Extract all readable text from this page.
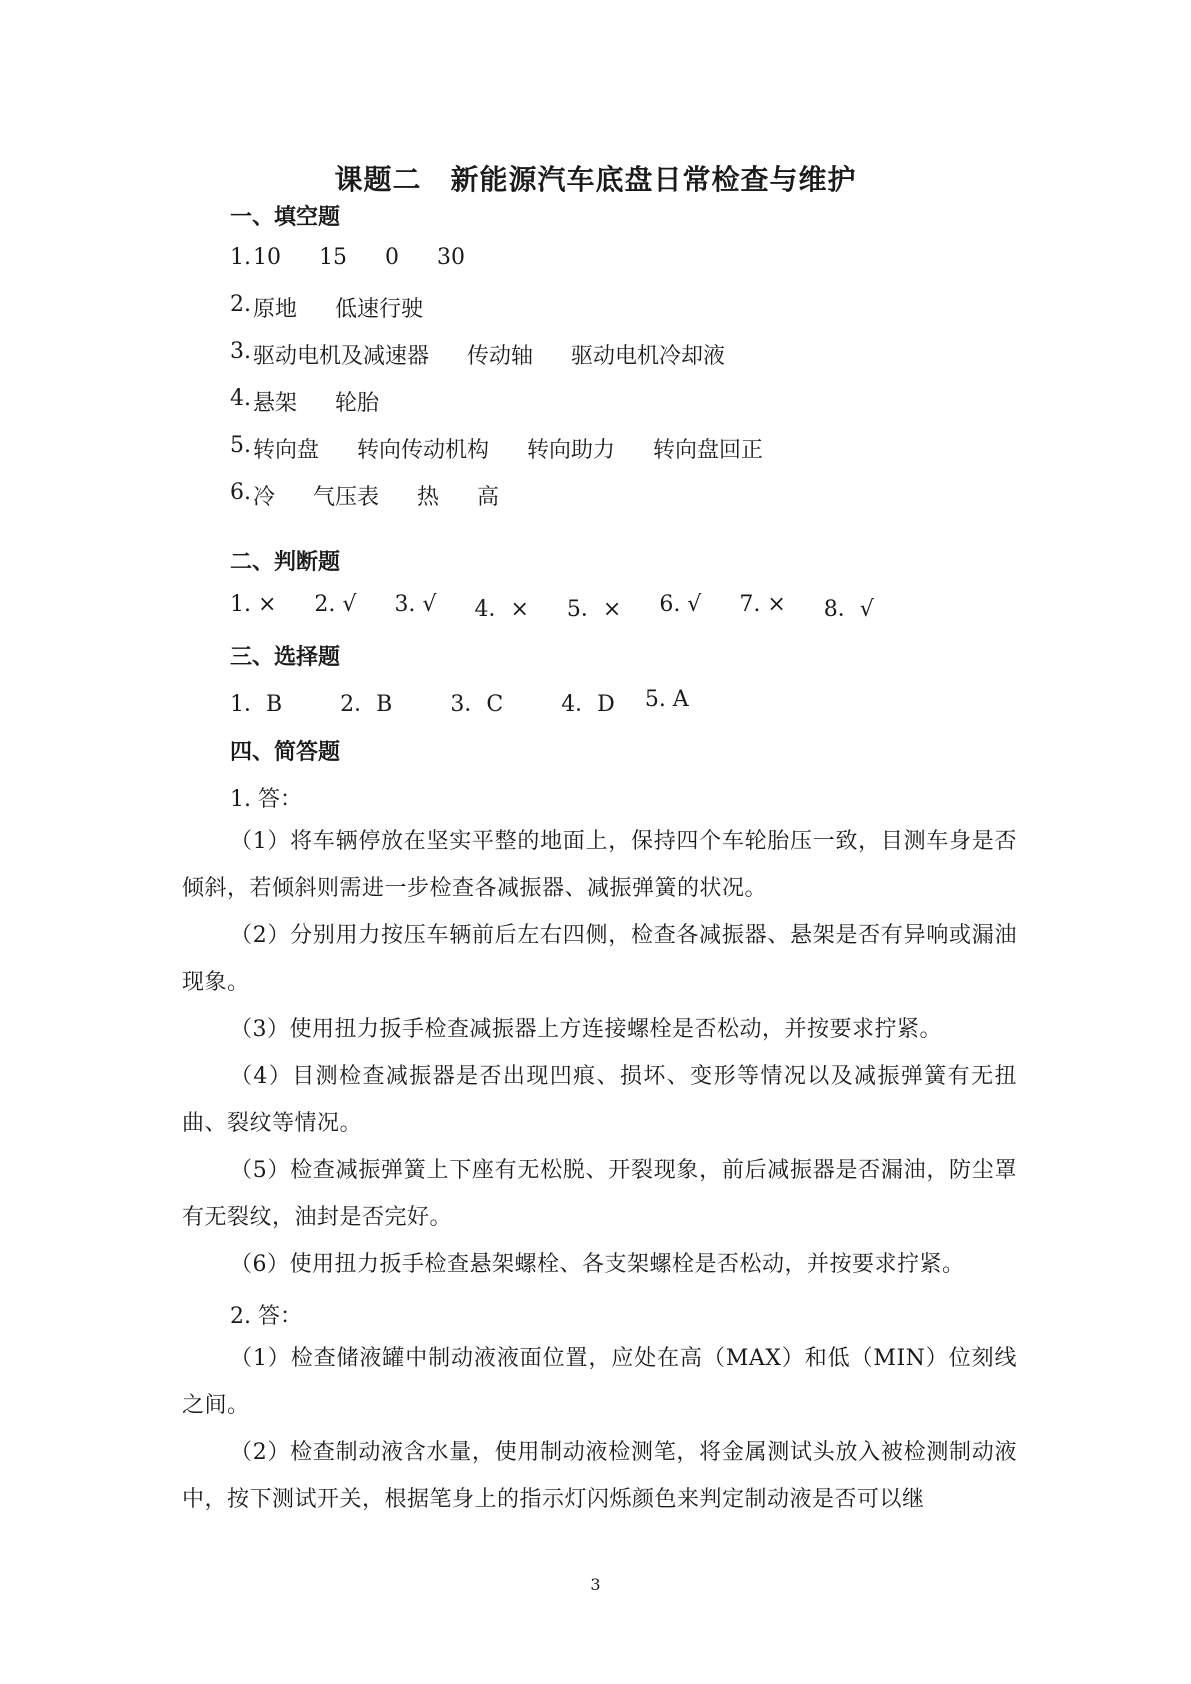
课题二　新能源汽车底盘日常检查与维护
一、填空题
1. 10 15 0 30
2. 原地 低速行驶
3. 驱动电机及减速器 传动轴 驱动电机冷却液
4. 悬架 轮胎
5. 转向盘 转向传动机构 转向助力 转向盘回正
6. 冷 气压表 热 高
二、判断题
1. × 2. √ 3. √ 4．× 5．× 6. √ 7. × 8．√
三、选择题
1．B	2．B	3．C	4．D 5. A
四、简答题
1. 答：
（1）将车辆停放在坚实平整的地面上，保持四个车轮胎压一致，目测车身是否倾斜，若倾斜则需进一步检查各减振器、减振弹簧的状况。
（2）分别用力按压车辆前后左右四侧，检查各减振器、悬架是否有异响或漏油现象。
（3）使用扭力扳手检查减振器上方连接螺栓是否松动，并按要求拧紧。
（4）目测检查减振器是否出现凹痕、损坏、变形等情况以及减振弹簧有无扭曲、裂纹等情况。
（5）检查减振弹簧上下座有无松脱、开裂现象，前后减振器是否漏油，防尘罩有无裂纹，油封是否完好。
（6）使用扭力扳手检查悬架螺栓、各支架螺栓是否松动，并按要求拧紧。
2. 答：
（1）检查储液罐中制动液液面位置，应处在高（MAX）和低（MIN）位刻线之间。
（2）检查制动液含水量，使用制动液检测笔，将金属测试头放入被检测制动液中，按下测试开关，根据笔身上的指示灯闪烁颜色来判定制动液是否可以继
3
